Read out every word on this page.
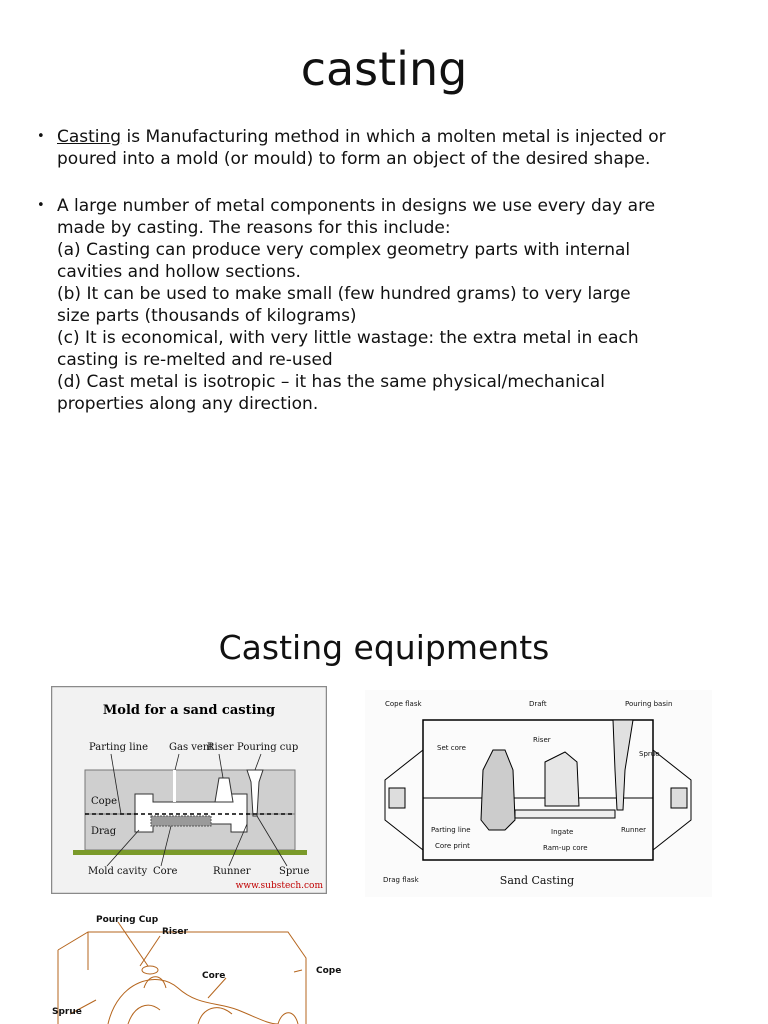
casting
• Casting is Manufacturing method in which a molten metal is injected or
poured into a mold (or mould) to form an object of the desired shape.
• A large number of metal components in designs we use every day are
made by casting. The reasons for this include:
(a) Casting can produce very complex geometry parts with internal
cavities and hollow sections.
(b) It can be used to make small (few hundred grams) to very large
size parts (thousands of kilograms)
(c) It is economical, with very little wastage: the extra metal in each
casting is re-melted and re-used
(d) Cast metal is isotropic – it has the same physical/mechanical
properties along any direction.
Casting equipments
Mold for a sand casting
Parting line Gas vent
Riser Pouring cup
Cope
Drag
Mold cavity Core	Runner	Sprue
www.substech.com
Cope flask	Draft	Pouring basin
Set core
Riser
Sprue
Parting line
Core print
Ingate
Ram-up core
Runner
Drag flask	Sand Casting
Pouring Cup
Riser
Core	Cope
Sprue
